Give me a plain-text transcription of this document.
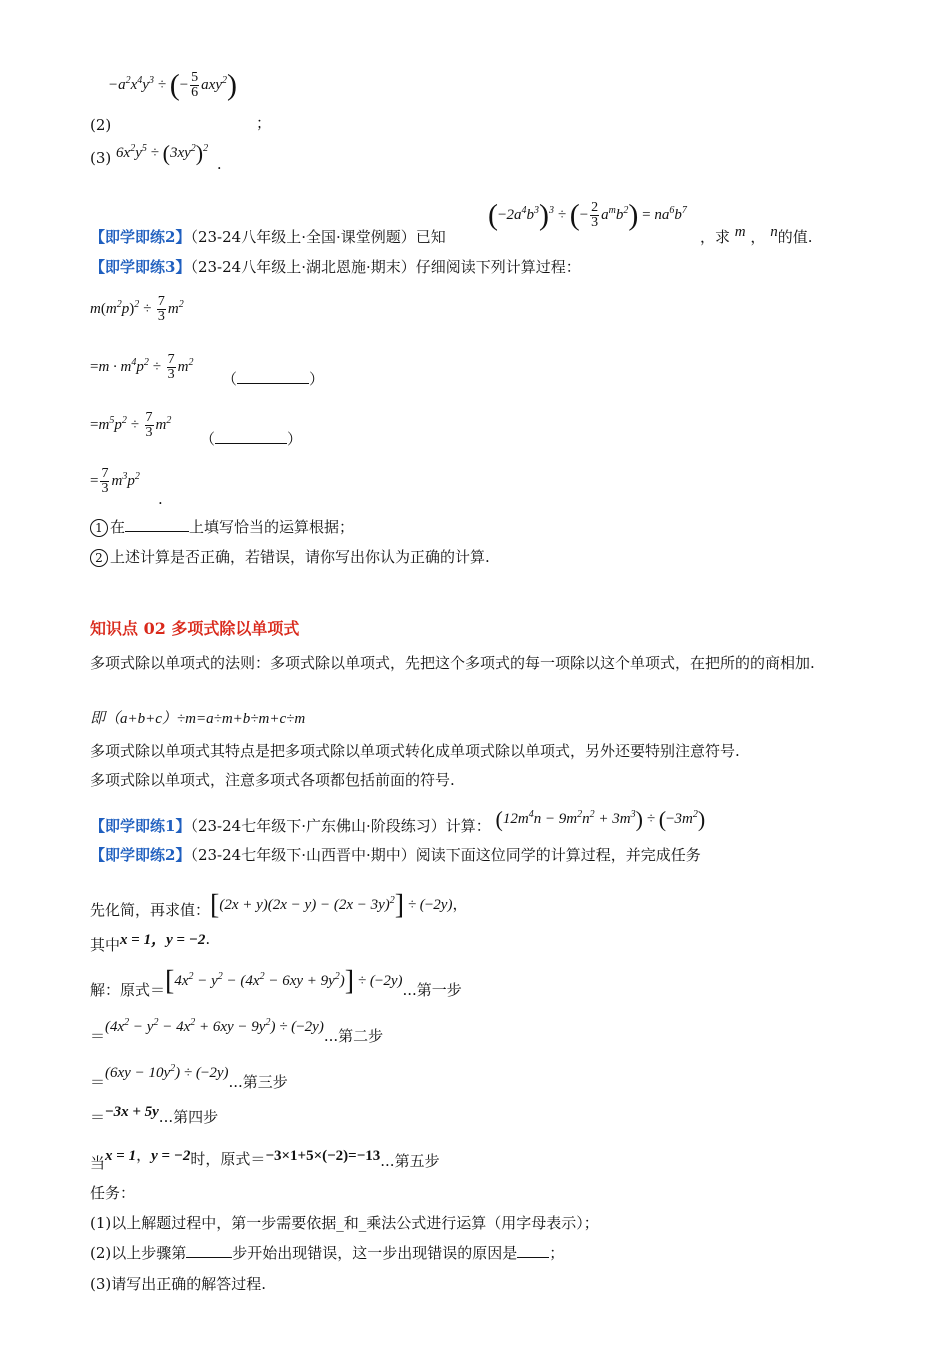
$-a^2x^4y^3$ ÷ (− $\frac{5}{6} axy^2$)
(2)	；
(3) $6x^2y^5 \div (3xy^2)^2$ .
$(-2a^4b^3)^3$ ÷ (− $\frac{2}{3} a^mb^2) = na^6b^7$
【即学即练2】（23-24八年级上·全国·课堂例题）已知	，求 m ， n的值.
【即学即练3】（23-24八年级上·湖北恩施·期末）仔细阅读下列计算过程：
$m(m^2p)^2 \div \frac{7}{3} m^2$
$=m \cdot m^4p^2 \div \frac{7}{3} m^2$
（	）
$=m^5p^2 \div \frac{7}{3} m^2$
（	）
= $\frac{7}{3} m^3p^2$
.
1 在	上填写恰当的运算根据；
2 上述计算是否正确，若错误，请你写出你认为正确的计算.
知识点 02 多项式除以单项式
多项式除以单项式的法则：多项式除以单项式，先把这个多项式的每一项除以这个单项式，在把所的的商相加.
即（a+b+c）÷m=a÷m+b÷m+c÷m
多项式除以单项式其特点是把多项式除以单项式转化成单项式除以单项式，另外还要特别注意符号.
多项式除以单项式，注意多项式各项都包括前面的符号.
【即学即练1】（23-24七年级下·广东佛山·阶段练习）计算： $(12m^4n - 9m^2n^2 + 3m^3) \div (-3m^2)$
【即学即练2】（23-24七年级下·山西晋中·期中）阅读下面这位同学的计算过程，并完成任务
先化简，再求值：$[(2x + y)(2x - y) - (2x - 3y)^2] \div (-2y)$，
其中x = 1，y = −2.
解：原式$=[4x^2 - y^2 - (4x^2 - 6xy + 9y^2)] \div (-2y)$...第一步
$=(4x^2 - y^2 - 4x^2 + 6xy - 9y^2) \div (-2y)$...第二步
$=(6xy - 10y^2) \div (-2y)$...第三步
＝−3x + 5y...第四步
当x = 1，y = −2时，原式＝−3×1+5×(−2)=−13...第五步
任务：
(1)以上解题过程中，第一步需要依据_和_乘法公式进行运算（用字母表示）；
(2)以上步骤第	步开始出现错误，这一步出现错误的原因是 ；
(3)请写出正确的解答过程.
